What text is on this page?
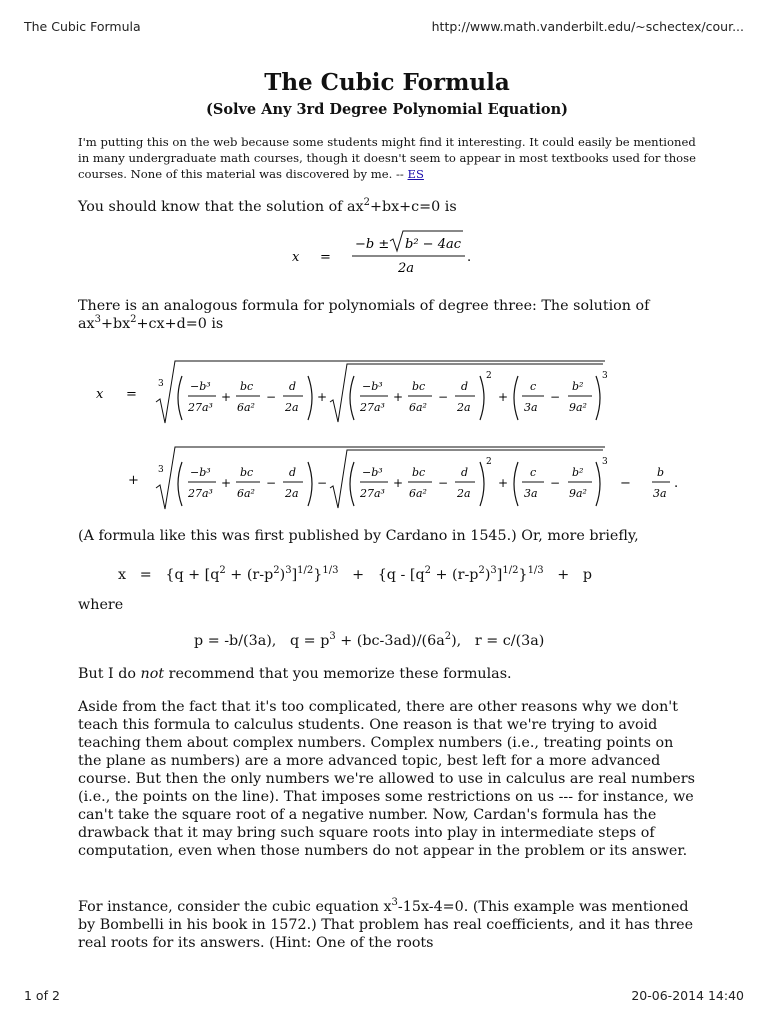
The Cubic Formula	http://www.math.vanderbilt.edu/~schectex/cour...
The Cubic Formula
(Solve Any 3rd Degree Polynomial Equation)

I'm putting this on the web because some students might find it interesting. It could easily be mentioned in many undergraduate math courses, though it doesn't seem to appear in most textbooks used for those courses. None of this material was discovered by me. -- ES

You should know that the solution of $ax^2+bx+c=0$ is

x =
−b ± b² − 4ac
2a
.

There is an analogous formula for polynomials of degree three: The solution of
$ax^3+bx^2+cx+d=0$ is

x =
3 −b³
27a³
+
bc
6a²
−
d
2a
+
−b³
27a³
+
bc
6a²
−
d
2a
2
+
c
3a
−
b²
9a²
3
+
3 −b³
27a³
+
bc
6a²
−
d
2a
−
−b³
27a³
+
bc
6a²
−
d
2a
2
+
c
3a
−
b²
9a²
3
−
b
3a
.

(A formula like this was first published by Cardano in 1545.) Or, more briefly,

$x = \{q + [q^2 + (r-p^2)^3]^{1/2}\}^{1/3} + \{q - [q^2 + (r-p^2)^3]^{1/2}\}^{1/3} + p$

where

p = -b/(3a), $q = p^3 + (bc-3ad)/(6a^2)$, r = c/(3a)

But I do not recommend that you memorize these formulas.

Aside from the fact that it's too complicated, there are other reasons why we don't teach this formula to calculus students. One reason is that we're trying to avoid teaching them about complex numbers. Complex numbers (i.e., treating points on the plane as numbers) are a more advanced topic, best left for a more advanced course. But then the only numbers we're allowed to use in calculus are real numbers (i.e., the points on the line). That imposes some restrictions on us --- for instance, we can't take the square root of a negative number. Now, Cardan's formula has the drawback that it may bring such square roots into play in intermediate steps of computation, even when those numbers do not appear in the problem or its answer.

For instance, consider the cubic equation $x^3-15x-4=0$. (This example was mentioned by Bombelli in his book in 1572.) That problem has real coefficients, and it has three real roots for its answers. (Hint: One of the roots

1 of 2	20-06-2014 14:40
